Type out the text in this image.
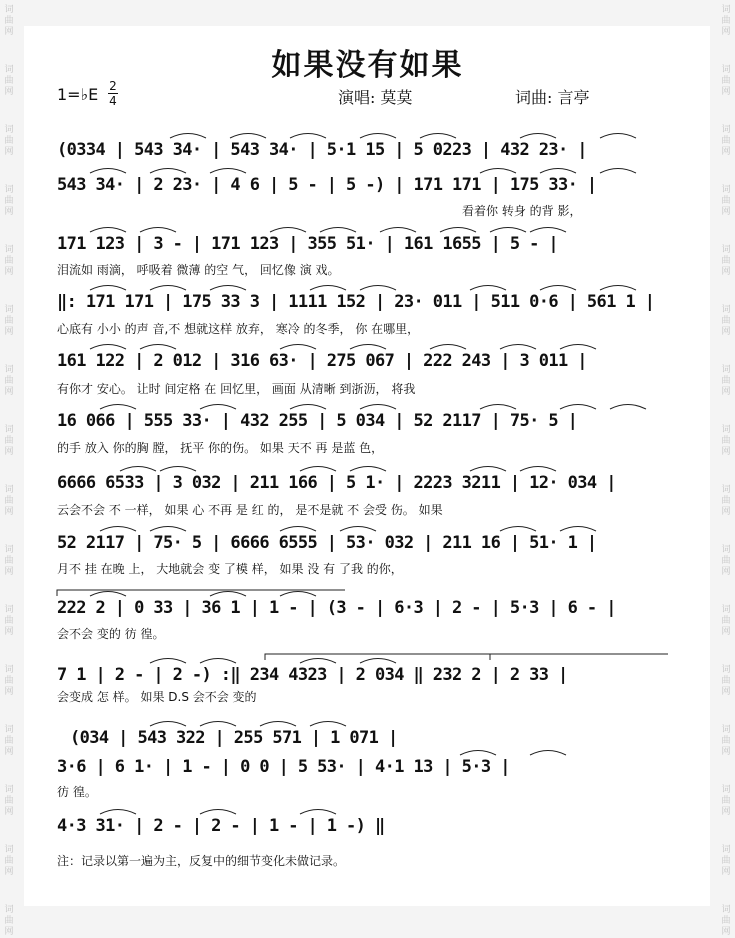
词曲网
词曲网
词曲网
词曲网
词曲网
词曲网
词曲网
词曲网
词曲网
词曲网
词曲网
词曲网
词曲网
词曲网
词曲网
词曲网
词曲网
词曲网
词曲网
词曲网
词曲网
词曲网
词曲网
词曲网
词曲网
词曲网
词曲网
词曲网
词曲网
词曲网
词曲网
词曲网
如果没有如果
1=♭E 2
4	演唱: 莫莫	词曲: 言亭
(0334 | 543 34· | 543 34· | 5·1 15 | 5 0223 | 432 23· |
543 34· | 2 23· | 4 6 | 5 - | 5 -) | 171 171 | 175 33· |
看着你 转身 的背 影，
171 123 | 3 - | 171 123 | 355 51· | 161 1655 | 5 - |
泪流如 雨滴， 呼吸着 微薄 的空 气， 回忆像 演 戏。
‖: 171 171 | 175 33 3 | 1111 152 | 23· 011 | 511 0·6 | 561 1 |
心底有 小小 的声 音,不 想就这样 放弃， 寒冷 的冬季， 你 在哪里，
161 122 | 2 012 | 316 63· | 275 067 | 222 243 | 3 011 |
有你才 安心。 让时 间定格 在 回忆里， 画面 从清晰 到浙沥， 将我
16 066 | 555 33· | 432 255 | 5 034 | 52 2117 | 75· 5 |
的手 放入 你的胸 膛， 抚平 你的伤。 如果 天不 再 是蓝 色，
6666 6533 | 3 032 | 211 166 | 5 1· | 2223 3211 | 12· 034 |
云会不会 不 一样， 如果 心 不再 是 红 的， 是不是就 不 会受 伤。 如果
52 2117 | 75· 5 | 6666 6555 | 53· 032 | 211 16 | 51· 1 |
月不 挂 在晚 上， 大地就会 变 了模 样， 如果 没 有 了我 的你，
222 2 | 0 33 | 36 1 | 1 - | (3 - | 6·3 | 2 - | 5·3 | 6 - |
会不会 变的 彷 徨。
7 1 | 2 - | 2 -) :‖ 234 4323 | 2 034 ‖ 232 2 | 2 33 |
会变成 怎 样。 如果 D.S 会不会 变的
(034 | 543 322 | 255 571 | 1 071 |
3·6 | 6 1· | 1 - | 0 0 | 5 53· | 4·1 13 | 5·3 |
彷 徨。
4·3 31· | 2 - | 2 - | 1 - | 1 -) ‖
注：记录以第一遍为主，反复中的细节变化未做记录。
